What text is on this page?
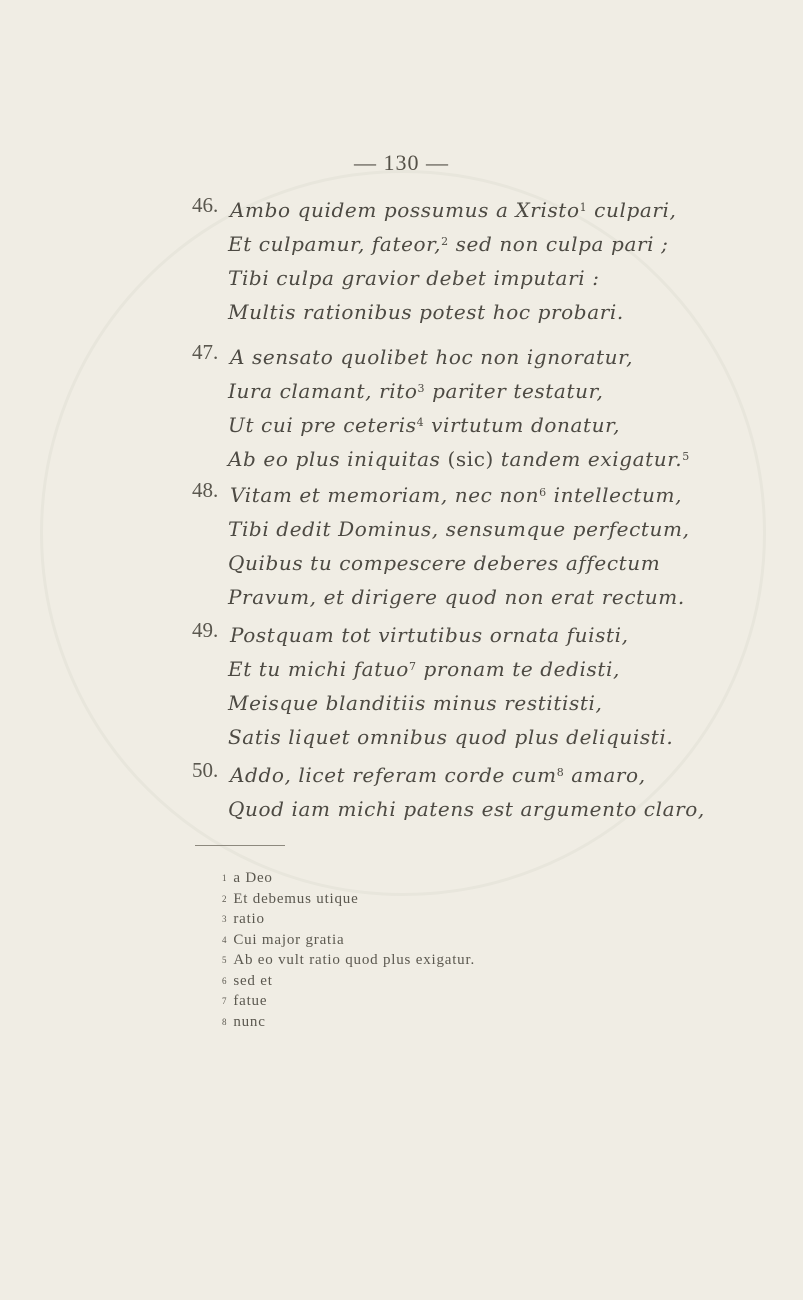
— 130 —
46. Ambo quidem possumus a Xristo$^1$ culpari,
Et culpamur, fateor,$^2$ sed non culpa pari ;
Tibi culpa gravior debet imputari :
Multis rationibus potest hoc probari.
47. A sensato quolibet hoc non ignoratur,
Iura clamant, rito$^3$ pariter testatur,
Ut cui pre ceteris$^4$ virtutum donatur,
Ab eo plus iniquitas (sic) tandem exigatur.$^5$
48. Vitam et memoriam, nec non$^6$ intellectum,
Tibi dedit Dominus, sensumque perfectum,
Quibus tu compescere deberes affectum
Pravum, et dirigere quod non erat rectum.
49. Postquam tot virtutibus ornata fuisti,
Et tu michi fatuo$^7$ pronam te dedisti,
Meisque blanditiis minus restitisti,
Satis liquet omnibus quod plus deliquisti.
50. Addo, licet referam corde cum$^8$ amaro,
Quod iam michi patens est argumento claro,
$^1$ a Deo
$^2$ Et debemus utique
$^3$ ratio
$^4$ Cui major gratia
$^5$ Ab eo vult ratio quod plus exigatur.
$^6$ sed et
$^7$ fatue
$^8$ nunc
